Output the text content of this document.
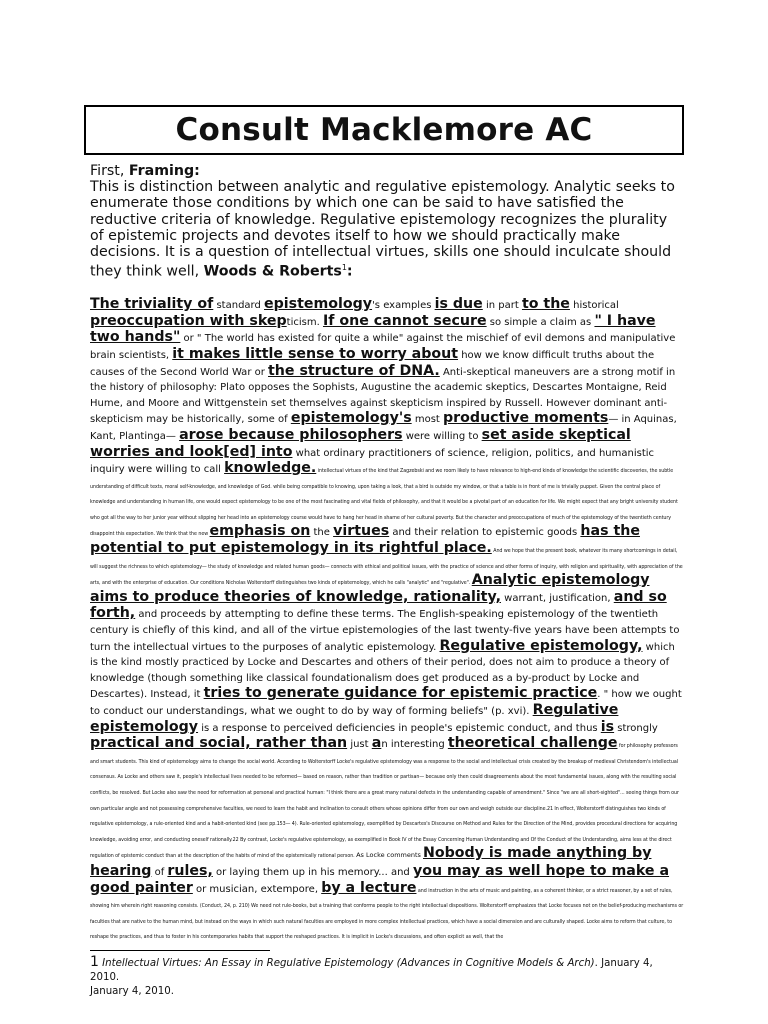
Consult Macklemore AC
First, Framing:
This is distinction between analytic and regulative epistemology. Analytic seeks to enumerate those conditions by which one can be said to have satisfied the reductive criteria of knowledge. Regulative epistemology recognizes the plurality of epistemic projects and devotes itself to how we should practically make decisions. It is a question of intellectual virtues, skills one should inculcate should they think well, Woods & Roberts$^1$:
The triviality of standard epistemology's examples is due in part to the historical preoccupation with skepticism. If one cannot secure so simple a claim as " I have two hands" or " The world has existed for quite a while" against the mischief of evil demons and manipulative brain scientists, it makes little sense to worry about how we know difficult truths about the causes of the Second World War or the structure of DNA. Anti-skeptical maneuvers are a strong motif in the history of philosophy: Plato opposes the Sophists, Augustine the academic skeptics, Descartes Montaigne, Reid Hume, and Moore and Wittgenstein set themselves against skepticism inspired by Russell. However dominant anti-skepticism may be historically, some of epistemology's most productive moments— in Aquinas, Kant, Plantinga— arose because philosophers were willing to set aside skeptical worries and look[ed] into what ordinary practitioners of science, religion, politics, and humanistic inquiry were willing to call knowledge. intellectual virtues of the kind that Zagzebski and we room likely to have relevance to high-end kinds of knowledge the scientific discoveries, the subtle understanding of difficult texts, moral self-knowledge, and knowledge of God. while being compatible to knowing, upon taking a look, that a bird is outside my window, or that a table is in front of me is trivially puppet. Given the central place of knowledge and understanding in human life, one would expect epistemology to be one of the most fascinating and vital fields of philosophy, and that it would be a pivotal part of an education for life. We might expect that any bright university student who got all the way to her junior year without slipping her head into an epistemology course would have to hang her head in shame of her cultural poverty. But the character and preoccupations of much of the epistemology of the twentieth century disappoint this expectation. We think that the new emphasis on the virtues and their relation to epistemic goods has the potential to put epistemology in its rightful place. And we hope that the present book, whatever its many shortcomings in detail, will suggest the richness to which epistemology— the study of knowledge and related human goods— connects with ethical and political issues, with the practice of science and other forms of inquiry, with religion and spirituality, with appreciation of the arts, and with the enterprise of education. Our conditions Nicholas Wolterstorff distinguishes two kinds of epistemology, which he calls "analytic" and "regulative". Analytic epistemology aims to produce theories of knowledge, rationality, warrant, justification, and so forth, and proceeds by attempting to define these terms. The English-speaking epistemology of the twentieth century is chiefly of this kind, and all of the virtue epistemologies of the last twenty-five years have been attempts to turn the intellectual virtues to the purposes of analytic epistemology. Regulative epistemology, which is the kind mostly practiced by Locke and Descartes and others of their period, does not aim to produce a theory of knowledge (though something like classical foundationalism does get produced as a by-product by Locke and Descartes). Instead, it tries to generate guidance for epistemic practice. " how we ought to conduct our understandings, what we ought to do by way of forming beliefs" (p. xvi). Regulative epistemology is a response to perceived deficiencies in people's epistemic conduct, and thus is strongly practical and social, rather than just an interesting theoretical challenge for philosophy professors and smart students. This kind of epistemology aims to change the social world. According to Wolterstorff Locke's regulative epistemology was a response to the social and intellectual crisis created by the breakup of medieval Christendom's intellectual consensus. As Locke and others saw it, people's intellectual lives needed to be reformed— based on reason, rather than tradition or partisan— because only then could disagreements about the most fundamental issues, along with the resulting social conflicts, be resolved. But Locke also saw the need for reformation at personal and practical human: "I think there are a great many natural defects in the understanding capable of amendment." Since "we are all short-sighted"... seeing things from our own particular angle and not possessing comprehensive faculties, we need to learn the habit and inclination to consult others whose opinions differ from our own and weigh outside our discipline.21 In effect, Wolterstorff distinguishes two kinds of regulative epistemology, a rule-oriented kind and a habit-oriented kind (see pp.153— 4). Rule-oriented epistemology, exemplified by Descartes's Discourse on Method and Rules for the Direction of the Mind, provides procedural directions for acquiring knowledge, avoiding error, and conducting oneself rationally.22 By contrast, Locke's regulative epistemology, as exemplified in Book IV of the Essay Concerning Human Understanding and Of the Conduct of the Understanding, aims less at the direct regulation of epistemic conduct than at the description of the habits of mind of the epistemically rational person. As Locke comments Nobody is made anything by hearing of rules, or laying them up in his memory... and you may as well hope to make a good painter or musician, extempore, by a lecture and instruction in the arts of music and painting, as a coherent thinker, or a strict reasoner, by a set of rules, showing him wherein right reasoning consists. (Conduct, 24, p. 210) We need not rule-books, but a training that conforms people to the right intellectual dispositions. Wolterstorff emphasizes that Locke focuses not on the belief-producing mechanisms or faculties that are native to the human mind, but instead on the ways in which such natural faculties are employed in more complex intellectual practices, which have a social dimension and are culturally shaped. Locke aims to reform that culture, to reshape the practices, and thus to foster in his contemporaries habits that support the reshaped practices. It is implicit in Locke's discussions, and often explicit as well, that the
1 Intellectual Virtues: An Essay in Regulative Epistemology (Advances in Cognitive Models & Arch). January 4, 2010.
January 4, 2010.
